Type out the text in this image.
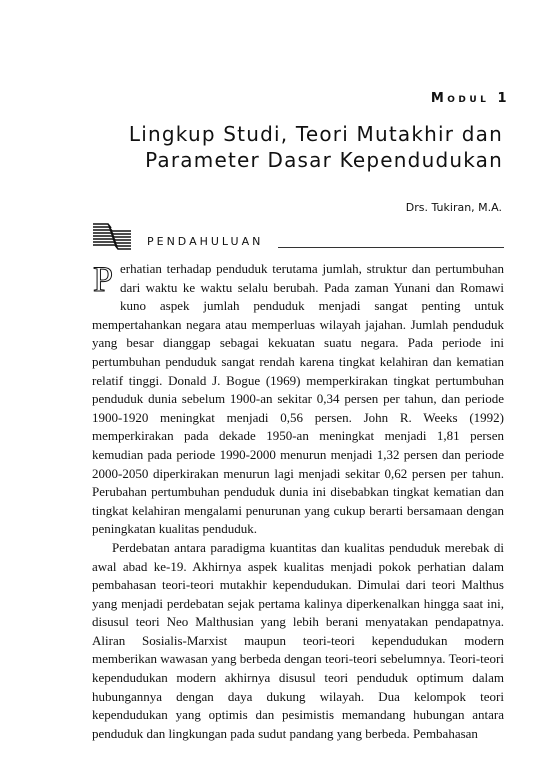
Modul 1
Lingkup Studi, Teori Mutakhir dan
Parameter Dasar Kependudukan
Drs. Tukiran, M.A.
PENDAHULUAN

P erhatian terhadap penduduk terutama jumlah, struktur dan pertumbuhan dari waktu ke waktu selalu berubah. Pada zaman Yunani dan Romawi kuno aspek jumlah penduduk menjadi sangat penting untuk mempertahankan negara atau memperluas wilayah jajahan. Jumlah penduduk yang besar dianggap sebagai kekuatan suatu negara. Pada periode ini pertumbuhan penduduk sangat rendah karena tingkat kelahiran dan kematian relatif tinggi. Donald J. Bogue (1969) memperkirakan tingkat pertumbuhan penduduk dunia sebelum 1900-an sekitar 0,34 persen per tahun, dan periode 1900-1920 meningkat menjadi 0,56 persen. John R. Weeks (1992) memperkirakan pada dekade 1950-an meningkat menjadi 1,81 persen kemudian pada periode 1990-2000 menurun menjadi 1,32 persen dan periode 2000-2050 diperkirakan menurun lagi menjadi sekitar 0,62 persen per tahun. Perubahan pertumbuhan penduduk dunia ini disebabkan tingkat kematian dan tingkat kelahiran mengalami penurunan yang cukup berarti bersamaan dengan peningkatan kualitas penduduk.

Perdebatan antara paradigma kuantitas dan kualitas penduduk merebak di awal abad ke-19. Akhirnya aspek kualitas menjadi pokok perhatian dalam pembahasan teori-teori mutakhir kependudukan. Dimulai dari teori Malthus yang menjadi perdebatan sejak pertama kalinya diperkenalkan hingga saat ini, disusul teori Neo Malthusian yang lebih berani menyatakan pendapatnya. Aliran Sosialis-Marxist maupun teori-teori kependudukan modern memberikan wawasan yang berbeda dengan teori-teori sebelumnya. Teori-teori kependudukan modern akhirnya disusul teori penduduk optimum dalam hubungannya dengan daya dukung wilayah. Dua kelompok teori kependudukan yang optimis dan pesimistis memandang hubungan antara penduduk dan lingkungan pada sudut pandang yang berbeda. Pembahasan
